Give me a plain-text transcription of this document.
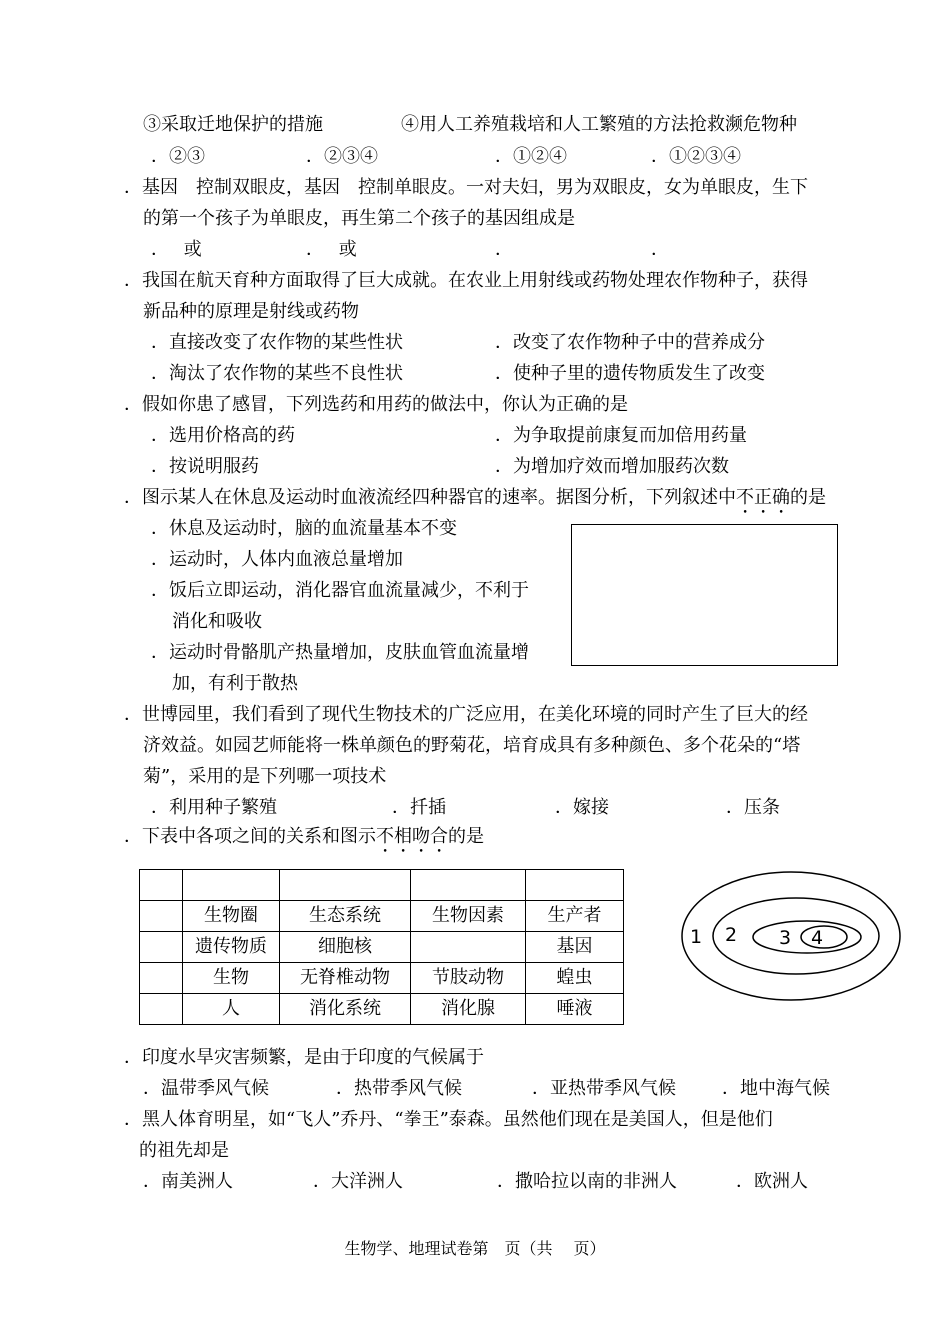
③采取迁地保护的措施	④用人工养殖栽培和人工繁殖的方法抢救濒危物种
．②③	．②③④	．①②④	．①②③④
．基因　控制双眼皮，基因　控制单眼皮。一对夫妇，男为双眼皮，女为单眼皮，生下
的第一个孩子为单眼皮，再生第二个孩子的基因组成是
．　 或	．　 或	．	．
．我国在航天育种方面取得了巨大成就。在农业上用射线或药物处理农作物种子，获得
新品种的原理是射线或药物
．直接改变了农作物的某些性状	．改变了农作物种子中的营养成分
．淘汰了农作物的某些不良性状	．使种子里的遗传物质发生了改变
．假如你患了感冒，下列选药和用药的做法中，你认为正确的是
．选用价格高的药	．为争取提前康复而加倍用药量
．按说明服药	．为增加疗效而增加服药次数
．图示某人在休息及运动时血液流经四种器官的速率。据图分析，下列叙述中不正确的是
．休息及运动时，脑的血流量基本不变
．运动时，人体内血液总量增加
．饭后立即运动，消化器官血流量减少，不利于
消化和吸收
．运动时骨骼肌产热量增加，皮肤血管血流量增
加，有利于散热
．世博园里，我们看到了现代生物技术的广泛应用，在美化环境的同时产生了巨大的经
济效益。如园艺师能将一株单颜色的野菊花，培育成具有多种颜色、多个花朵的“塔
菊”，采用的是下列哪一项技术
．利用种子繁殖	．扦插	．嫁接	．压条
．下表中各项之间的关系和图示不相吻合的是

	生物圈	生态系统	生物因素	生产者
	遗传物质	细胞核		基因
	生物	无脊椎动物	节肢动物	蝗虫
	人	消化系统	消化腺	唾液
1 2 3 4
．印度水旱灾害频繁，是由于印度的气候属于
．温带季风气候	．热带季风气候	．亚热带季风气候	．地中海气候
．黑人体育明星，如“飞人”乔丹、“拳王”泰森。虽然他们现在是美国人，但是他们
的祖先却是
．南美洲人	．大洋洲人	．撒哈拉以南的非洲人	．欧洲人
生物学、地理试卷第　页（共　 页）
